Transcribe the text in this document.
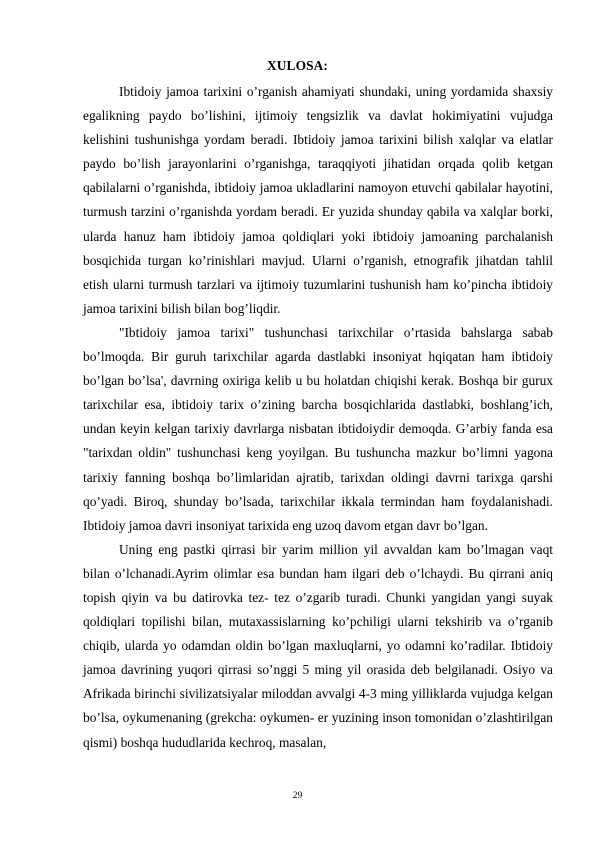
XULOSA:

Ibtidoiy jamoa tarixini o’rganish ahamiyati shundaki, uning yordamida shaxsiy egalikning paydo bo’lishini, ijtimoiy tengsizlik va davlat hokimiyatini vujudga kelishini tushunishga yordam beradi. Ibtidoiy jamoa tarixini bilish xalqlar va elatlar paydo bo’lish jarayonlarini o’rganishga, taraqqiyoti jihatidan orqada qolib ketgan qabilalarni o’rganishda, ibtidoiy jamoa ukladlarini namoyon etuvchi qabilalar hayotini, turmush tarzini o’rganishda yordam beradi. Er yuzida shunday qabila va xalqlar borki, ularda hanuz ham ibtidoiy jamoa qoldiqlari yoki ibtidoiy jamoaning parchalanish bosqichida turgan ko’rinishlari mavjud. Ularni o’rganish, etnografik jihatdan tahlil etish ularni turmush tarzlari va ijtimoiy tuzumlarini tushunish ham ko’pincha ibtidoiy jamoa tarixini bilish bilan bog’liqdir.

"Ibtidoiy jamoa tarixi" tushunchasi tarixchilar o’rtasida bahslarga sabab bo’lmoqda. Bir guruh tarixchilar agarda dastlabki insoniyat hqiqatan ham ibtidoiy bo’lgan bo’lsa', davrning oxiriga kelib u bu holatdan chiqishi kerak. Boshqa bir gurux tarixchilar esa, ibtidoiy tarix o’zining barcha bosqichlarida dastlabki, boshlang’ich, undan keyin kelgan tarixiy davrlarga nisbatan ibtidoiydir demoqda. G’arbiy fanda esa "tarixdan oldin" tushunchasi keng yoyilgan. Bu tushuncha mazkur bo’limni yagona tarixiy fanning boshqa bo’limlaridan ajratib, tarixdan oldingi davrni tarixga qarshi qo’yadi. Biroq, shunday bo’lsada, tarixchilar ikkala termindan ham foydalanishadi. Ibtidoiy jamoa davri insoniyat tarixida eng uzoq davom etgan davr bo’lgan.

Uning eng pastki qirrasi bir yarim million yil avvaldan kam bo’lmagan vaqt bilan o’lchanadi.Ayrim olimlar esa bundan ham ilgari deb o’lchaydi. Bu qirrani aniq topish qiyin va bu datirovka tez- tez o’zgarib turadi. Chunki yangidan yangi suyak qoldiqlari topilishi bilan, mutaxassislarning ko’pchiligi ularni tekshirib va o’rganib chiqib, ularda yo odamdan oldin bo’lgan maxluqlarni, yo odamni ko’radilar. Ibtidoiy jamoa davrining yuqori qirrasi so’nggi 5 ming yil orasida deb belgilanadi. Osiyo va Afrikada birinchi sivilizatsiyalar miloddan avvalgi 4-3 ming yilliklarda vujudga kelgan bo’lsa, oykumenaning (grekcha: oykumen- er yuzining inson tomonidan o’zlashtirilgan qismi) boshqa hududlarida kechroq, masalan,

29
